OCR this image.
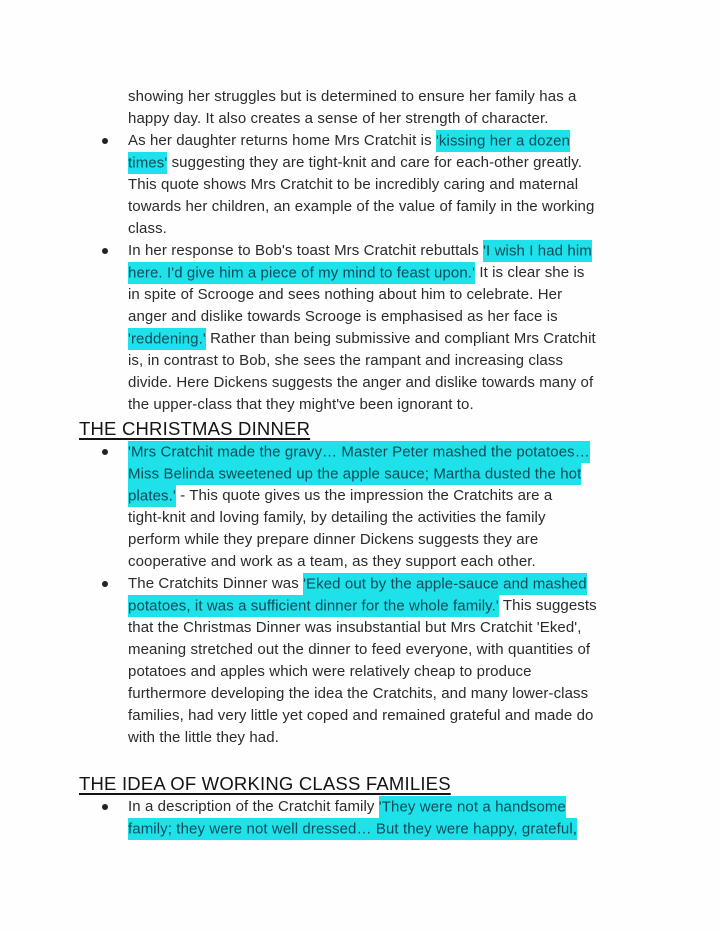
showing her struggles but is determined to ensure her family has a
happy day. It also creates a sense of her strength of character.
As her daughter returns home Mrs Cratchit is 'kissing her a dozen
times' suggesting they are tight-knit and care for each-other greatly.
This quote shows Mrs Cratchit to be incredibly caring and maternal
towards her children, an example of the value of family in the working
class.
In her response to Bob's toast Mrs Cratchit rebuttals 'I wish I had him
here. I'd give him a piece of my mind to feast upon.' It is clear she is
in spite of Scrooge and sees nothing about him to celebrate. Her
anger and dislike towards Scrooge is emphasised as her face is
'reddening.' Rather than being submissive and compliant Mrs Cratchit
is, in contrast to Bob, she sees the rampant and increasing class
divide. Here Dickens suggests the anger and dislike towards many of
the upper-class that they might've been ignorant to.
THE CHRISTMAS DINNER
'Mrs Cratchit made the gravy… Master Peter mashed the potatoes…
Miss Belinda sweetened up the apple sauce; Martha dusted the hot
plates.' - This quote gives us the impression the Cratchits are a
tight-knit and loving family, by detailing the activities the family
perform while they prepare dinner Dickens suggests they are
cooperative and work as a team, as they support each other.
The Cratchits Dinner was 'Eked out by the apple-sauce and mashed
potatoes, it was a sufficient dinner for the whole family.' This suggests
that the Christmas Dinner was insubstantial but Mrs Cratchit 'Eked',
meaning stretched out the dinner to feed everyone, with quantities of
potatoes and apples which were relatively cheap to produce
furthermore developing the idea the Cratchits, and many lower-class
families, had very little yet coped and remained grateful and made do
with the little they had.
THE IDEA OF WORKING CLASS FAMILIES
In a description of the Cratchit family 'They were not a handsome
family; they were not well dressed… But they were happy, grateful,
